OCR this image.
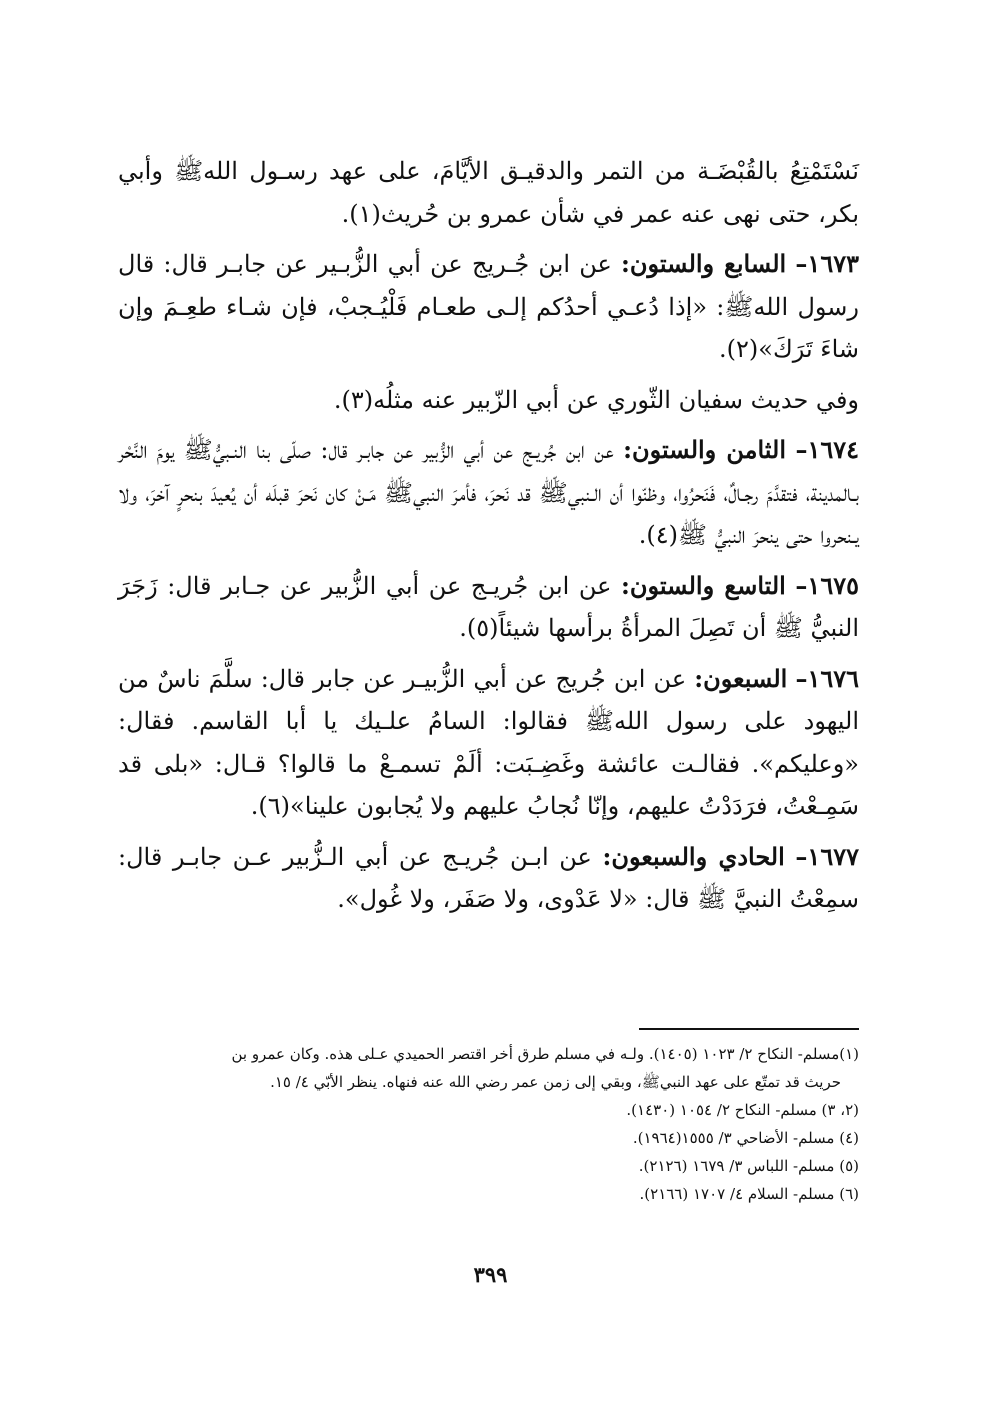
نَسْتَمْتِعُ بالقُبْضَـة من التمر والدقيـق الأيَّامَ، على عهد رسـول اللهﷺ وأبي بكر، حتى نهى عنه عمر في شأن عمرو بن حُريث(١).

١٦٧٣– السابع والستون: عن ابن جُـريج عن أبي الزُّبـير عن جابـر قال: قال رسول اللهﷺ: «إذا دُعـي أحدُكم إلـى طعـام فَلْيُـجبْ، فإن شـاء طعِـمَ وإن شاءَ تَرَكَ»(٢).

وفي حديث سفيان الثّوري عن أبي الزّبير عنه مثلُه(٣).

١٦٧٤– الثامن والستون: عن ابن جُريـج عن أبي الزُّبير عن جابـر قال: صلّى بنا النـبيُّﷺ يومَ النَّحْر بـالمدينة، فتقدَّمَ رجـالٌ، فَنَحرُوا، وظنّوا أن الـنبيﷺ قد نَحرَ، فأمرَ النبيﷺ مَـنْ كان نَحرَ قبلَه أن يُعيدَ بنحرٍ آخرَ، ولا يـنحروا حتى ينحرَ النبيُّ ﷺ(٤).

١٦٧٥– التاسع والستون: عن ابن جُريـج عن أبي الزُّبير عن جـابر قال: زَجَرَ النبيُّ ﷺ أن تَصِلَ المرأةُ برأسها شيئاً(٥).

١٦٧٦– السبعون: عن ابن جُريج عن أبي الزُّبيـر عن جابر قال: سلَّمَ ناسٌ من اليهود على رسول اللهﷺ فقالوا: السامُ علـيك يا أبا القاسم. فقال: «وعليكم». فقالـت عائشة وغَضِـبَت: ألَمْ تسمـعْ ما قالوا؟ قـال: «بلى قد سَمِـعْتُ، فرَدَدْتُ عليهم، وإنّا نُجابُ عليهم ولا يُجابون علينا»(٦).

١٦٧٧– الحادي والسبعون: عن ابـن جُريـج عن أبي الـزُّبير عـن جابـر قال: سمِعْتُ النبيَّ ﷺ قال: «لا عَدْوى، ولا صَفَر، ولا غُول».

(١)مسلم- النكاح ٢/ ١٠٢٣ (١٤٠٥). ولـه في مسلم طرق أخر اقتصر الحميدي عـلى هذه. وكان عمرو بن

حريث قد تمتّع على عهد النبيﷺ، وبقي إلى زمن عمر رضي الله عنه فنهاه. ينظر الأبّي ٤/ ١٥.

(٢، ٣) مسلم- النكاح ٢/ ١٠٥٤ (١٤٣٠).

(٤) مسلم- الأضاحي ٣/ ١٥٥٥(١٩٦٤).

(٥) مسلم- اللباس ٣/ ١٦٧٩ (٢١٢٦).

(٦) مسلم- السلام ٤/ ١٧٠٧ (٢١٦٦).

٣٩٩
